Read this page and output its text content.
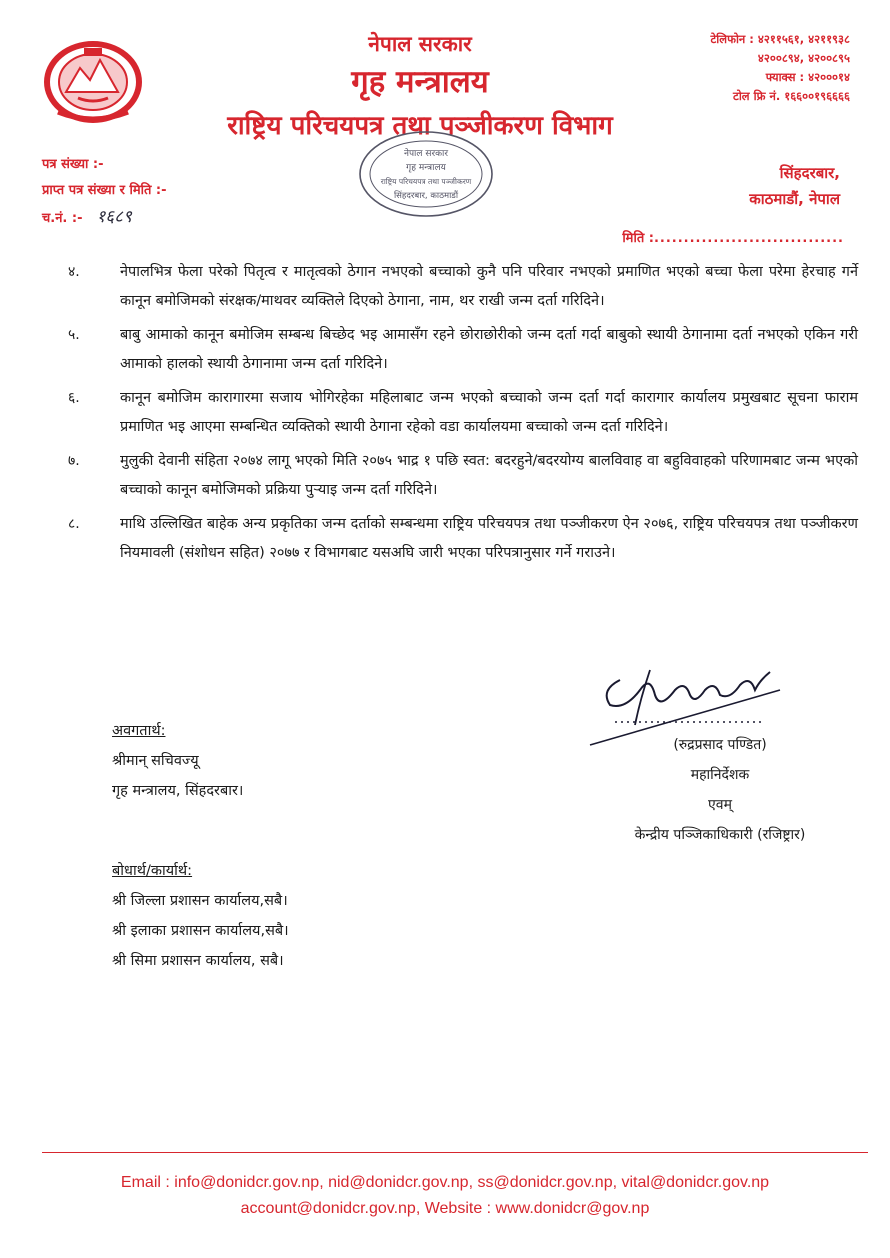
नेपाल सरकार
गृह मन्त्रालय
राष्ट्रिय परिचयपत्र तथा पञ्जीकरण विभाग
टेलिफोन : ४२११५६१, ४२११९३८
४२००८९४, ४२००८९५
फ्याक्स : ४२०००१४
टोल फ्रि नं. १६६००१९६६६६
नेपाल सरकार
गृह मन्त्रालय
राष्ट्रिय परिचयपत्र तथा पञ्जीकरण
सिंहदरबार, काठमाडौं
पत्र संख्या :-
प्राप्त पत्र संख्या र मिति :-
च.नं. :- १६८९
सिंहदरबार,
काठमाडौं, नेपाल
मिति :................................
४.	नेपालभित्र फेला परेको पितृत्व र मातृत्वको ठेगान नभएको बच्चाको कुनै पनि परिवार नभएको प्रमाणित भएको बच्चा फेला परेमा हेरचाह गर्ने कानून बमोजिमको संरक्षक/माथवर व्यक्तिले दिएको ठेगाना, नाम, थर राखी जन्म दर्ता गरिदिने।
५.	बाबु आमाको कानून बमोजिम सम्बन्ध बिच्छेद भइ आमासँग रहने छोराछोरीको जन्म दर्ता गर्दा बाबुको स्थायी ठेगानामा दर्ता नभएको एकिन गरी आमाको हालको स्थायी ठेगानामा जन्म दर्ता गरिदिने।
६.	कानून बमोजिम कारागारमा सजाय भोगिरहेका महिलाबाट जन्म भएको बच्चाको जन्म दर्ता गर्दा कारागार कार्यालय प्रमुखबाट सूचना फाराम प्रमाणित भइ आएमा सम्बन्धित व्यक्तिको स्थायी ठेगाना रहेको वडा कार्यालयमा बच्चाको जन्म दर्ता गरिदिने।
७.	मुलुकी देवानी संहिता २०७४ लागू भएको मिति २०७५ भाद्र १ पछि स्वत: बदरहुने/बदरयोग्य बालविवाह वा बहुविवाहको परिणामबाट जन्म भएको बच्चाको कानून बमोजिमको प्रक्रिया पुऱ्याइ जन्म दर्ता गरिदिने।
८.	माथि उल्लिखित बाहेक अन्य प्रकृतिका जन्म दर्ताको सम्बन्धमा राष्ट्रिय परिचयपत्र तथा पञ्जीकरण ऐन २०७६, राष्ट्रिय परिचयपत्र तथा पञ्जीकरण नियमावली (संशोधन सहित) २०७७ र विभागबाट यसअघि जारी भएका परिपत्रानुसार गर्ने गराउने।
(रुद्रप्रसाद पण्डित)
महानिर्देशक
एवम्
केन्द्रीय पञ्जिकाधिकारी (रजिष्ट्रार)
अवगतार्थ:
श्रीमान् सचिवज्यू
गृह मन्त्रालय, सिंहदरबार।
बोधार्थ/कार्यार्थ:
श्री जिल्ला प्रशासन कार्यालय,सबै।
श्री इलाका प्रशासन कार्यालय,सबै।
श्री सिमा प्रशासन कार्यालय, सबै।
Email : info@donidcr.gov.np, nid@donidcr.gov.np, ss@donidcr.gov.np, vital@donidcr.gov.np
account@donidcr.gov.np, Website : www.donidcr@gov.np
